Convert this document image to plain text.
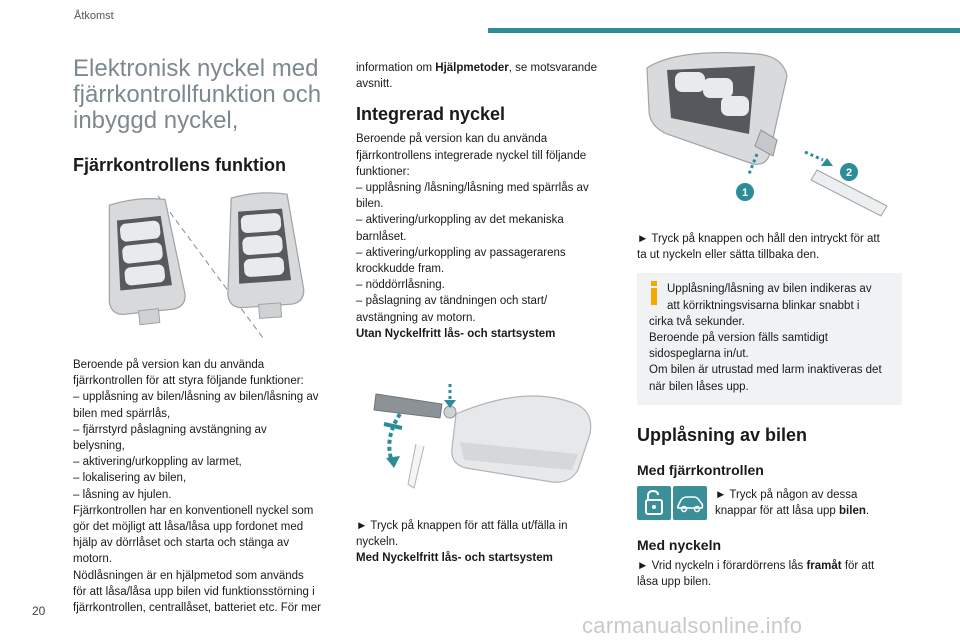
Åtkomst
Elektronisk nyckel med
fjärrkontrollfunktion och
inbyggd nyckel,
Fjärrkontrollens funktion
Beroende på version kan du använda
fjärrkontrollen för att styra följande funktioner:
– upplåsning av bilen/låsning av bilen/låsning av
bilen med spärrlås,
– fjärrstyrd påslagning avstängning av
belysning,
– aktivering/urkoppling av larmet,
– lokalisering av bilen,
– låsning av hjulen.
Fjärrkontrollen har en konventionell nyckel som
gör det möjligt att låsa/låsa upp fordonet med
hjälp av dörrlåset och starta och stänga av
motorn.
Nödlåsningen är en hjälpmetod som används
för att låsa/låsa upp bilen vid funktionsstörning i
fjärrkontrollen, centrallåset, batteriet etc. För mer
information om Hjälpmetoder, se motsvarande
avsnitt.
Integrerad nyckel
Beroende på version kan du använda
fjärrkontrollens integrerade nyckel till följande
funktioner:
– upplåsning /låsning/låsning med spärrlås av
bilen.
– aktivering/urkoppling av det mekaniska
barnlåset.
– aktivering/urkoppling av passagerarens
krockkudde fram.
– nöddörrlåsning.
– påslagning av tändningen och start/
avstängning av motorn.
Utan Nyckelfritt lås- och startsystem
► Tryck på knappen för att fälla ut/fälla in
nyckeln.
Med Nyckelfritt lås- och startsystem
1
2
► Tryck på knappen och håll den intryckt för att
ta ut nyckeln eller sätta tillbaka den.
Upplåsning/låsning av bilen indikeras av
att körriktningsvisarna blinkar snabbt i
cirka två sekunder.
Beroende på version fälls samtidigt
sidospeglarna in/ut.
Om bilen är utrustad med larm inaktiveras det
när bilen låses upp.
Upplåsning av bilen
Med fjärrkontrollen
► Tryck på någon av dessa
knappar för att låsa upp bilen.
Med nyckeln
► Vrid nyckeln i förardörrens lås framåt för att
låsa upp bilen.
20
carmanualsonline.info
